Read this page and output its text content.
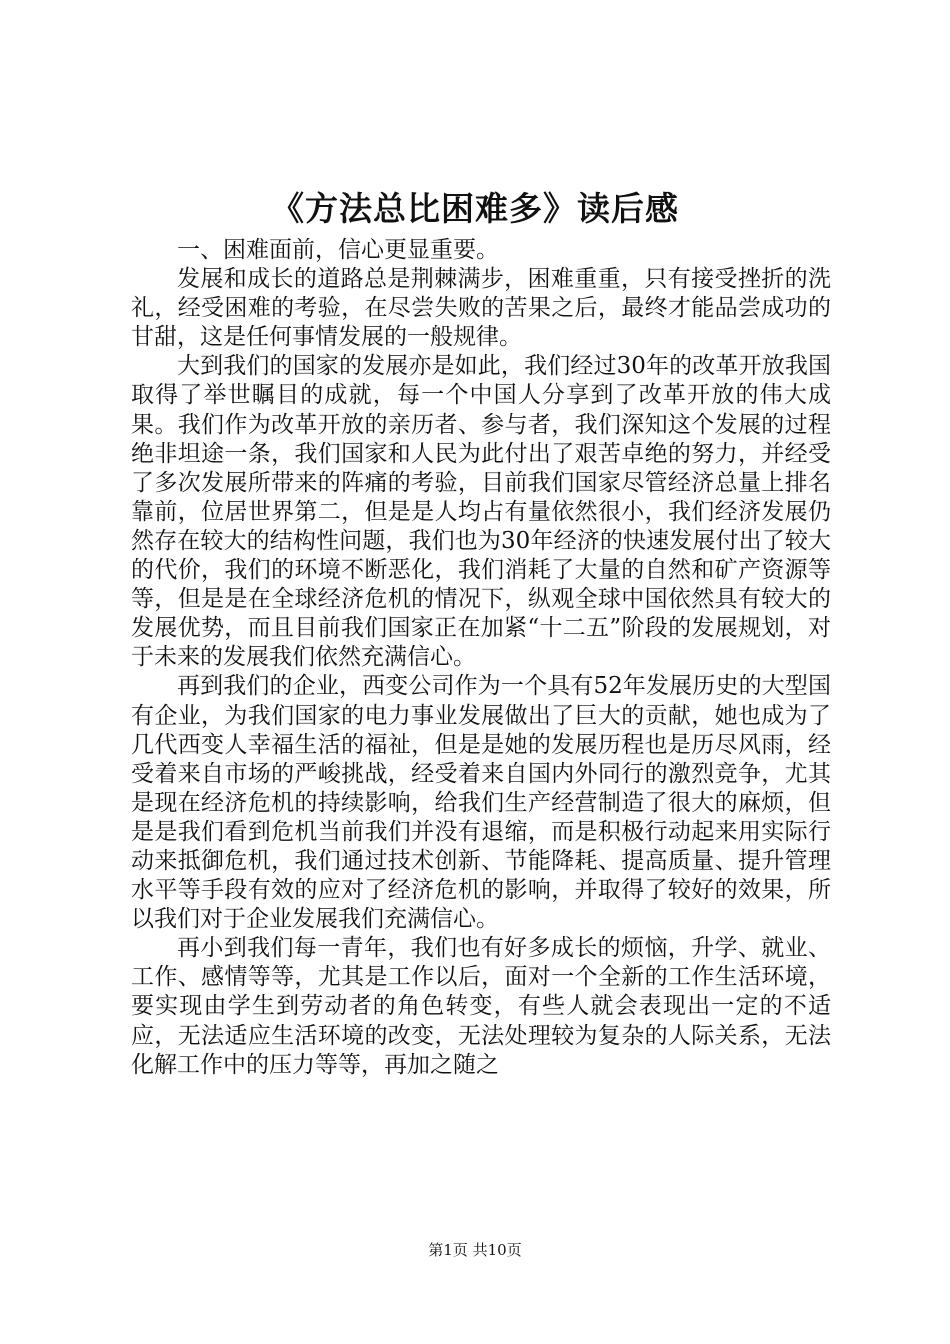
《方法总比困难多》读后感

一、困难面前，信心更显重要。

发展和成长的道路总是荆棘满步，困难重重，只有接受挫折的洗礼，经受困难的考验，在尽尝失败的苦果之后，最终才能品尝成功的甘甜，这是任何事情发展的一般规律。

大到我们的国家的发展亦是如此，我们经过30年的改革开放我国取得了举世瞩目的成就，每一个中国人分享到了改革开放的伟大成果。我们作为改革开放的亲历者、参与者，我们深知这个发展的过程绝非坦途一条，我们国家和人民为此付出了艰苦卓绝的努力，并经受了多次发展所带来的阵痛的考验，目前我们国家尽管经济总量上排名靠前，位居世界第二，但是是人均占有量依然很小，我们经济发展仍然存在较大的结构性问题，我们也为30年经济的快速发展付出了较大的代价，我们的环境不断恶化，我们消耗了大量的自然和矿产资源等等，但是是在全球经济危机的情况下，纵观全球中国依然具有较大的发展优势，而且目前我们国家正在加紧“十二五”阶段的发展规划，对于未来的发展我们依然充满信心。

再到我们的企业，西变公司作为一个具有52年发展历史的大型国有企业，为我们国家的电力事业发展做出了巨大的贡献，她也成为了几代西变人幸福生活的福祉，但是是她的发展历程也是历尽风雨，经受着来自市场的严峻挑战，经受着来自国内外同行的激烈竞争，尤其是现在经济危机的持续影响，给我们生产经营制造了很大的麻烦，但是是我们看到危机当前我们并没有退缩，而是积极行动起来用实际行动来抵御危机，我们通过技术创新、节能降耗、提高质量、提升管理水平等手段有效的应对了经济危机的影响，并取得了较好的效果，所以我们对于企业发展我们充满信心。

再小到我们每一青年，我们也有好多成长的烦恼，升学、就业、工作、感情等等，尤其是工作以后，面对一个全新的工作生活环境，要实现由学生到劳动者的角色转变，有些人就会表现出一定的不适应，无法适应生活环境的改变，无法处理较为复杂的人际关系，无法化解工作中的压力等等，再加之随之

第1页 共10页
